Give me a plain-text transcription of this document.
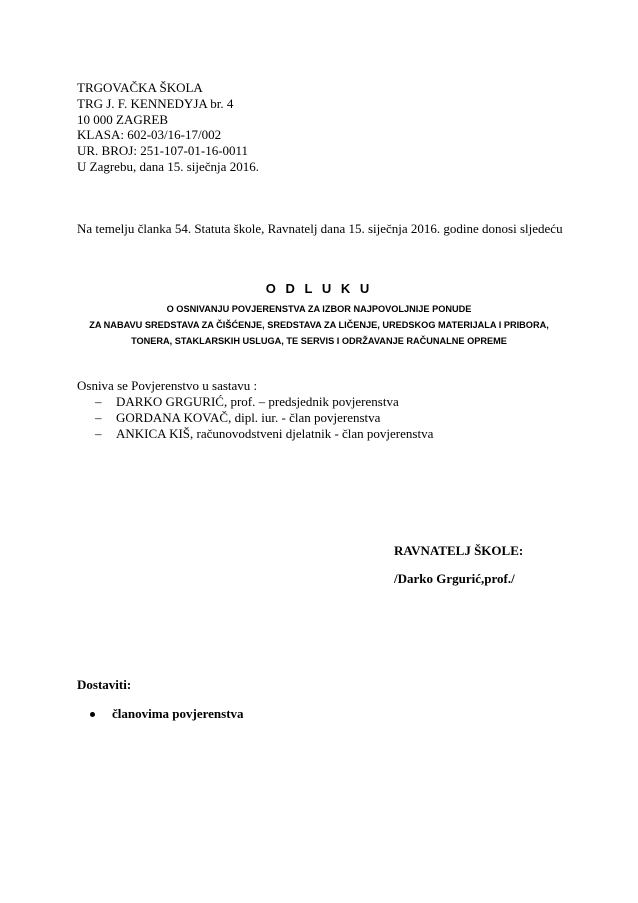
TRGOVAČKA ŠKOLA
TRG J. F. KENNEDYJA br. 4
10 000 ZAGREB
KLASA: 602-03/16-17/002
UR. BROJ: 251-107-01-16-0011
U Zagrebu, dana 15. siječnja 2016.
Na temelju članka 54. Statuta škole, Ravnatelj dana 15. siječnja 2016. godine donosi sljedeću
O D L U K U
O OSNIVANJU POVJERENSTVA ZA IZBOR NAJPOVOLJNIJE PONUDE
ZA NABAVU SREDSTAVA ZA ČIŠĆENJE, SREDSTAVA ZA LIČENJE, UREDSKOG MATERIJALA I PRIBORA,
TONERA, STAKLARSKIH USLUGA, TE SERVIS I ODRŽAVANJE RAČUNALNE OPREME
Osniva se Povjerenstvo u sastavu :
– DARKO GRGURIĆ, prof. – predsjednik povjerenstva
– GORDANA KOVAČ, dipl. iur. - član povjerenstva
– ANKICA KIŠ, računovodstveni djelatnik - član povjerenstva
RAVNATELJ ŠKOLE:
/Darko Grgurić,prof./
Dostaviti:
članovima povjerenstva
